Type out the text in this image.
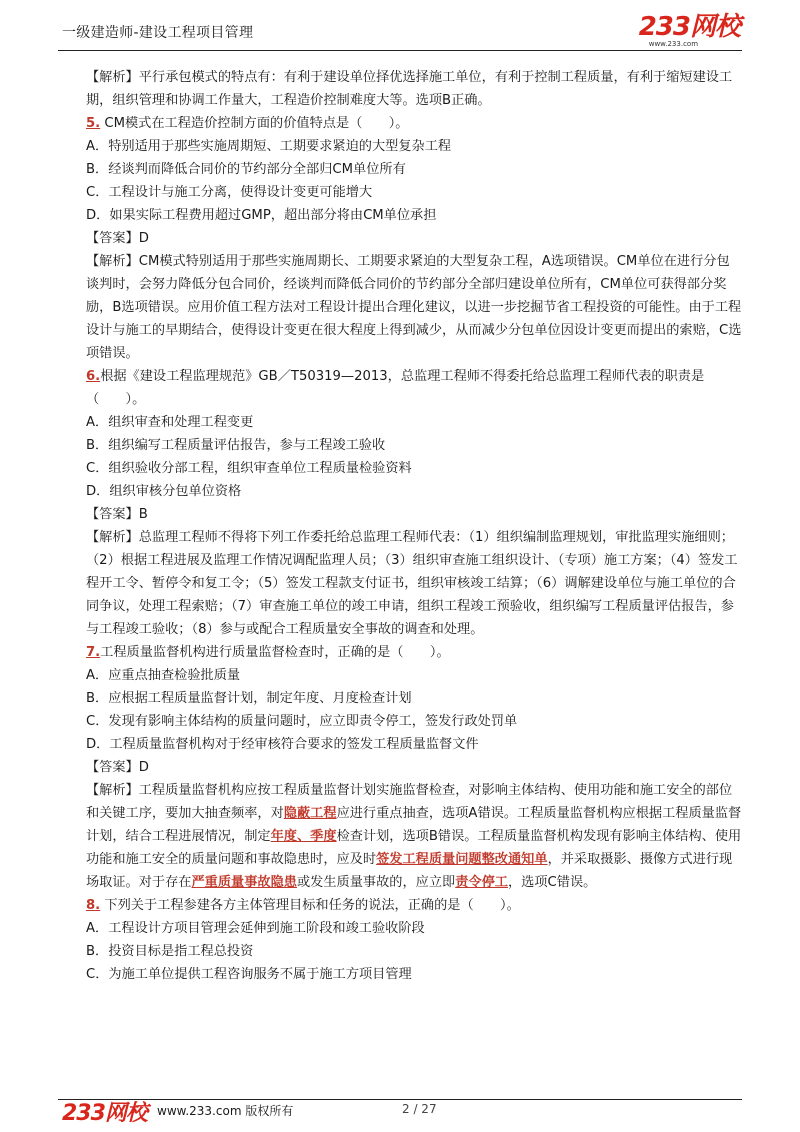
一级建造师-建设工程项目管理	233网校
www.233.com

【解析】平行承包模式的特点有：有利于建设单位择优选择施工单位，有利于控制工程质量，有利于缩短建设工期，组织管理和协调工作量大，工程造价控制难度大等。选项B正确。

5. CM模式在工程造价控制方面的价值特点是（　　）。

A．特别适用于那些实施周期短、工期要求紧迫的大型复杂工程

B．经谈判而降低合同价的节约部分全部归CM单位所有

C．工程设计与施工分离，使得设计变更可能增大

D．如果实际工程费用超过GMP，超出部分将由CM单位承担

【答案】D

【解析】CM模式特别适用于那些实施周期长、工期要求紧迫的大型复杂工程，A选项错误。CM单位在进行分包谈判时，会努力降低分包合同价，经谈判而降低合同价的节约部分全部归建设单位所有，CM单位可获得部分奖励，B选项错误。应用价值工程方法对工程设计提出合理化建议，以进一步挖掘节省工程投资的可能性。由于工程设计与施工的早期结合，使得设计变更在很大程度上得到减少，从而减少分包单位因设计变更而提出的索赔，C选项错误。

6.根据《建设工程监理规范》GB／T50319—2013，总监理工程师不得委托给总监理工程师代表的职责是（　　）。

A．组织审查和处理工程变更

B．组织编写工程质量评估报告，参与工程竣工验收

C．组织验收分部工程，组织审查单位工程质量检验资料

D．组织审核分包单位资格

【答案】B

【解析】总监理工程师不得将下列工作委托给总监理工程师代表：（1）组织编制监理规划，审批监理实施细则；（2）根据工程进展及监理工作情况调配监理人员；（3）组织审查施工组织设计、（专项）施工方案；（4）签发工程开工令、暂停令和复工令；（5）签发工程款支付证书，组织审核竣工结算；（6）调解建设单位与施工单位的合同争议，处理工程索赔；（7）审查施工单位的竣工申请，组织工程竣工预验收，组织编写工程质量评估报告，参与工程竣工验收；（8）参与或配合工程质量安全事故的调查和处理。

7.工程质量监督机构进行质量监督检查时，正确的是（　　）。

A．应重点抽查检验批质量

B．应根据工程质量监督计划，制定年度、月度检查计划

C．发现有影响主体结构的质量问题时，应立即责令停工，签发行政处罚单

D．工程质量监督机构对于经审核符合要求的签发工程质量监督文件

【答案】D

【解析】工程质量监督机构应按工程质量监督计划实施监督检查，对影响主体结构、使用功能和施工安全的部位和关键工序，要加大抽查频率，对隐蔽工程应进行重点抽查，选项A错误。工程质量监督机构应根据工程质量监督计划，结合工程进展情况，制定年度、季度检查计划，选项B错误。工程质量监督机构发现有影响主体结构、使用功能和施工安全的质量问题和事故隐患时，应及时签发工程质量问题整改通知单，并采取摄影、摄像方式进行现场取证。对于存在严重质量事故隐患或发生质量事故的，应立即责令停工，选项C错误。

8. 下列关于工程参建各方主体管理目标和任务的说法，正确的是（　　）。

A．工程设计方项目管理会延伸到施工阶段和竣工验收阶段

B．投资目标是指工程总投资

C．为施工单位提供工程咨询服务不属于施工方项目管理

233网校 www.233.com 版权所有	2 / 27
